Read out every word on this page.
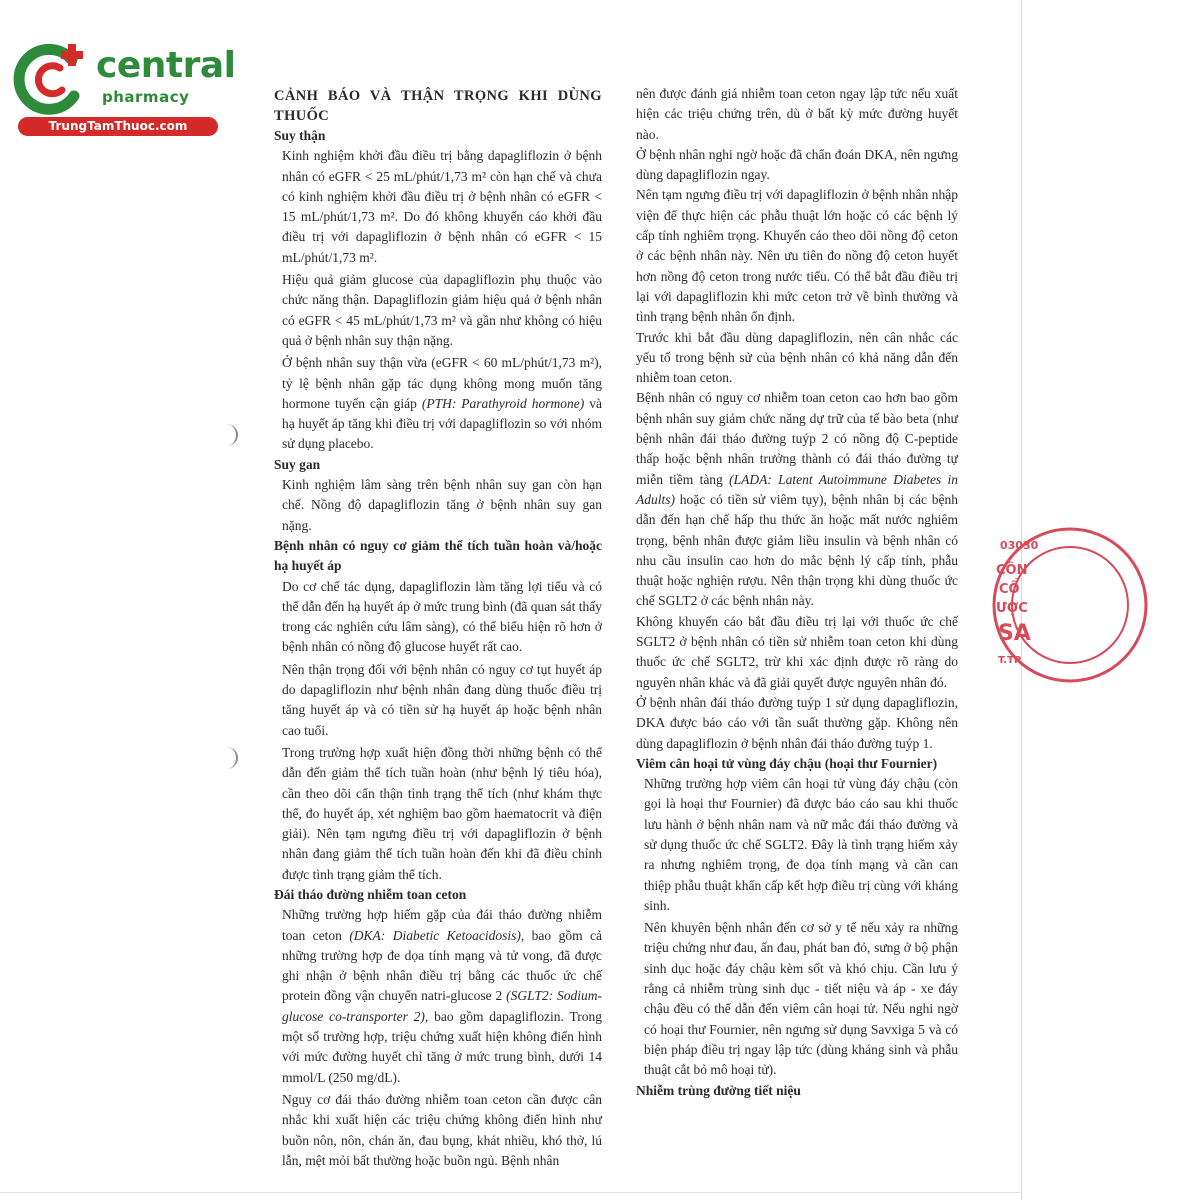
central
pharmacy
TrungTamThuoc.com
CẢNH BÁO VÀ THẬN TRỌNG KHI DÙNG THUỐC
Suy thận

Kinh nghiệm khởi đầu điều trị bằng dapagliflozin ở bệnh nhân có eGFR < 25 mL/phút/1,73 m² còn hạn chế và chưa có kinh nghiệm khởi đầu điều trị ở bệnh nhân có eGFR < 15 mL/phút/1,73 m². Do đó không khuyến cáo khởi đầu điều trị với dapagliflozin ở bệnh nhân có eGFR < 15 mL/phút/1,73 m².

Hiệu quả giảm glucose của dapagliflozin phụ thuộc vào chức năng thận. Dapagliflozin giảm hiệu quả ở bệnh nhân có eGFR < 45 mL/phút/1,73 m² và gần như không có hiệu quả ở bệnh nhân suy thận nặng.

Ở bệnh nhân suy thận vừa (eGFR < 60 mL/phút/1,73 m²), tỷ lệ bệnh nhân gặp tác dụng không mong muốn tăng hormone tuyến cận giáp (PTH: Parathyroid hormone) và hạ huyết áp tăng khi điều trị với dapagliflozin so với nhóm sử dụng placebo.

Suy gan

Kinh nghiệm lâm sàng trên bệnh nhân suy gan còn hạn chế. Nồng độ dapagliflozin tăng ở bệnh nhân suy gan nặng.

Bệnh nhân có nguy cơ giảm thể tích tuần hoàn và/hoặc hạ huyết áp

Do cơ chế tác dụng, dapagliflozin làm tăng lợi tiểu và có thể dẫn đến hạ huyết áp ở mức trung bình (đã quan sát thấy trong các nghiên cứu lâm sàng), có thể biểu hiện rõ hơn ở bệnh nhân có nồng độ glucose huyết rất cao.

Nên thận trọng đối với bệnh nhân có nguy cơ tụt huyết áp do dapagliflozin như bệnh nhân đang dùng thuốc điều trị tăng huyết áp và có tiền sử hạ huyết áp hoặc bệnh nhân cao tuổi.

Trong trường hợp xuất hiện đồng thời những bệnh có thể dẫn đến giảm thể tích tuần hoàn (như bệnh lý tiêu hóa), cần theo dõi cẩn thận tình trạng thể tích (như khám thực thể, đo huyết áp, xét nghiệm bao gồm haematocrit và điện giải). Nên tạm ngưng điều trị với dapagliflozin ở bệnh nhân đang giảm thể tích tuần hoàn đến khi đã điều chỉnh được tình trạng giảm thể tích.

Đái tháo đường nhiễm toan ceton

Những trường hợp hiếm gặp của đái tháo đường nhiễm toan ceton (DKA: Diabetic Ketoacidosis), bao gồm cả những trường hợp đe dọa tính mạng và tử vong, đã được ghi nhận ở bệnh nhân điều trị bằng các thuốc ức chế protein đồng vận chuyển natri-glucose 2 (SGLT2: Sodium-glucose co-transporter 2), bao gồm dapagliflozin. Trong một số trường hợp, triệu chứng xuất hiện không điển hình với mức đường huyết chỉ tăng ở mức trung bình, dưới 14 mmol/L (250 mg/dL).

Nguy cơ đái tháo đường nhiễm toan ceton cần được cân nhắc khi xuất hiện các triệu chứng không điển hình như buồn nôn, nôn, chán ăn, đau bụng, khát nhiều, khó thở, lú lẫn, mệt mỏi bất thường hoặc buồn ngủ. Bệnh nhân

nên được đánh giá nhiễm toan ceton ngay lập tức nếu xuất hiện các triệu chứng trên, dù ở bất kỳ mức đường huyết nào.

Ở bệnh nhân nghi ngờ hoặc đã chẩn đoán DKA, nên ngưng dùng dapagliflozin ngay.

Nên tạm ngưng điều trị với dapagliflozin ở bệnh nhân nhập viện để thực hiện các phẫu thuật lớn hoặc có các bệnh lý cấp tính nghiêm trọng. Khuyến cáo theo dõi nồng độ ceton ở các bệnh nhân này. Nên ưu tiên đo nồng độ ceton huyết hơn nồng độ ceton trong nước tiểu. Có thể bắt đầu điều trị lại với dapagliflozin khi mức ceton trở về bình thường và tình trạng bệnh nhân ổn định.

Trước khi bắt đầu dùng dapagliflozin, nên cân nhắc các yếu tố trong bệnh sử của bệnh nhân có khả năng dẫn đến nhiễm toan ceton.

Bệnh nhân có nguy cơ nhiễm toan ceton cao hơn bao gồm bệnh nhân suy giảm chức năng dự trữ của tế bào beta (như bệnh nhân đái tháo đường tuýp 2 có nồng độ C-peptide thấp hoặc bệnh nhân trưởng thành có đái tháo đường tự miễn tiềm tàng (LADA: Latent Autoimmune Diabetes in Adults) hoặc có tiền sử viêm tụy), bệnh nhân bị các bệnh dẫn đến hạn chế hấp thu thức ăn hoặc mất nước nghiêm trọng, bệnh nhân được giảm liều insulin và bệnh nhân có nhu cầu insulin cao hơn do mắc bệnh lý cấp tính, phẫu thuật hoặc nghiện rượu. Nên thận trọng khi dùng thuốc ức chế SGLT2 ở các bệnh nhân này.

Không khuyến cáo bắt đầu điều trị lại với thuốc ức chế SGLT2 ở bệnh nhân có tiền sử nhiễm toan ceton khi dùng thuốc ức chế SGLT2, trừ khi xác định được rõ ràng do nguyên nhân khác và đã giải quyết được nguyên nhân đó.

Ở bệnh nhân đái tháo đường tuýp 1 sử dụng dapagliflozin, DKA được báo cáo với tần suất thường gặp. Không nên dùng dapagliflozin ở bệnh nhân đái tháo đường tuýp 1.

Viêm cân hoại tử vùng đáy chậu (hoại thư Fournier)

Những trường hợp viêm cân hoại tử vùng đáy chậu (còn gọi là hoại thư Fournier) đã được báo cáo sau khi thuốc lưu hành ở bệnh nhân nam và nữ mắc đái tháo đường và sử dụng thuốc ức chế SGLT2. Đây là tình trạng hiếm xảy ra nhưng nghiêm trọng, đe dọa tính mạng và cần can thiệp phẫu thuật khẩn cấp kết hợp điều trị cùng với kháng sinh.

Nên khuyên bệnh nhân đến cơ sở y tế nếu xảy ra những triệu chứng như đau, ấn đau, phát ban đỏ, sưng ở bộ phận sinh dục hoặc đáy chậu kèm sốt và khó chịu. Cần lưu ý rằng cả nhiễm trùng sinh dục - tiết niệu và áp - xe đáy chậu đều có thể dẫn đến viêm cân hoại tử. Nếu nghi ngờ có hoại thư Fournier, nên ngưng sử dụng Savxiga 5 và có biện pháp điều trị ngay lập tức (dùng kháng sinh và phẫu thuật cắt bỏ mô hoại tử).

Nhiễm trùng đường tiết niệu
03030
CÔN
CỔ
ƯỢC
SA
T.TP
